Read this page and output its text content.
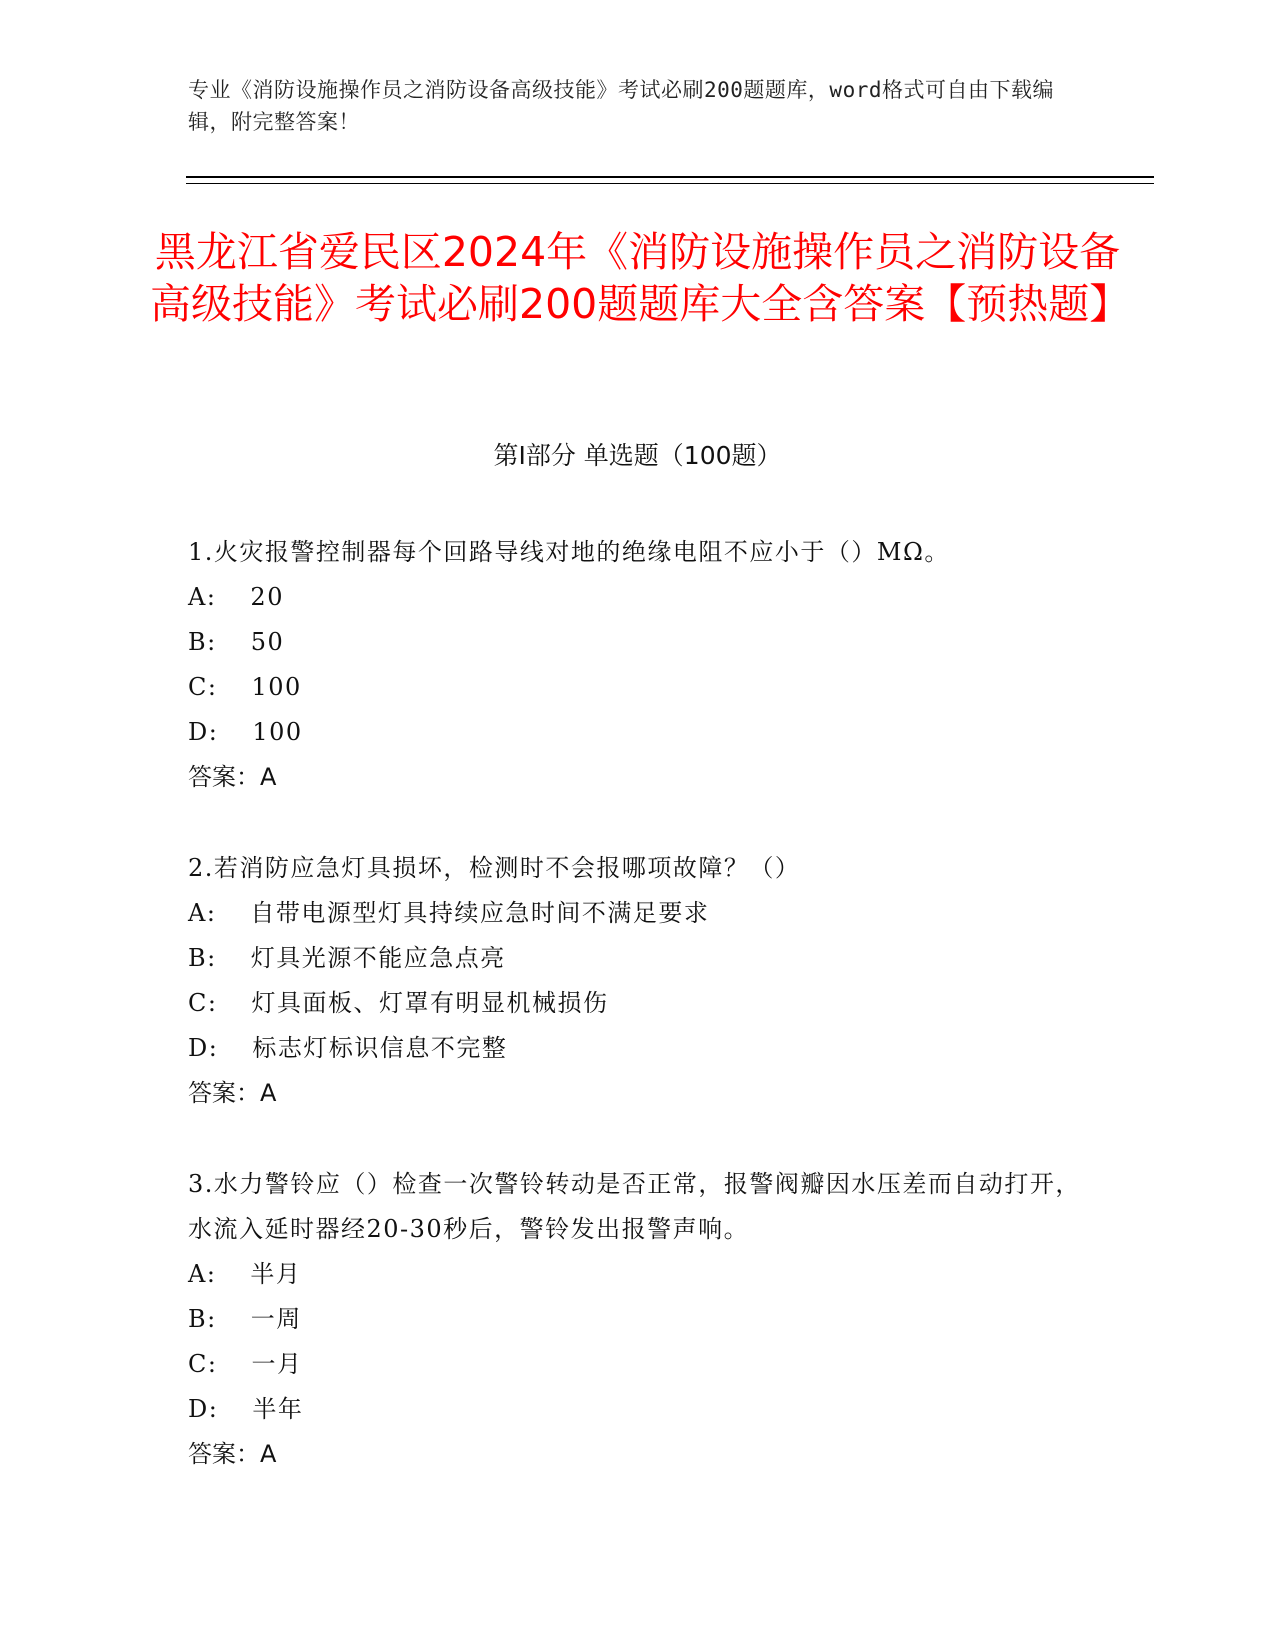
专业《消防设施操作员之消防设备高级技能》考试必刷200题题库，word格式可自由下载编辑，附完整答案！
黑龙江省爱民区2024年《消防设施操作员之消防设备高级技能》考试必刷200题题库大全含答案【预热题】
第I部分 单选题（100题）
1.火灾报警控制器每个回路导线对地的绝缘电阻不应小于（）MΩ。
A: 20
B: 50
C: 100
D: 100
答案：A
2.若消防应急灯具损坏，检测时不会报哪项故障？（）
A: 自带电源型灯具持续应急时间不满足要求
B: 灯具光源不能应急点亮
C: 灯具面板、灯罩有明显机械损伤
D: 标志灯标识信息不完整
答案：A
3.水力警铃应（）检查一次警铃转动是否正常，报警阀瓣因水压差而自动打开，水流入延时器经20-30秒后，警铃发出报警声响。
A: 半月
B: 一周
C: 一月
D: 半年
答案：A
